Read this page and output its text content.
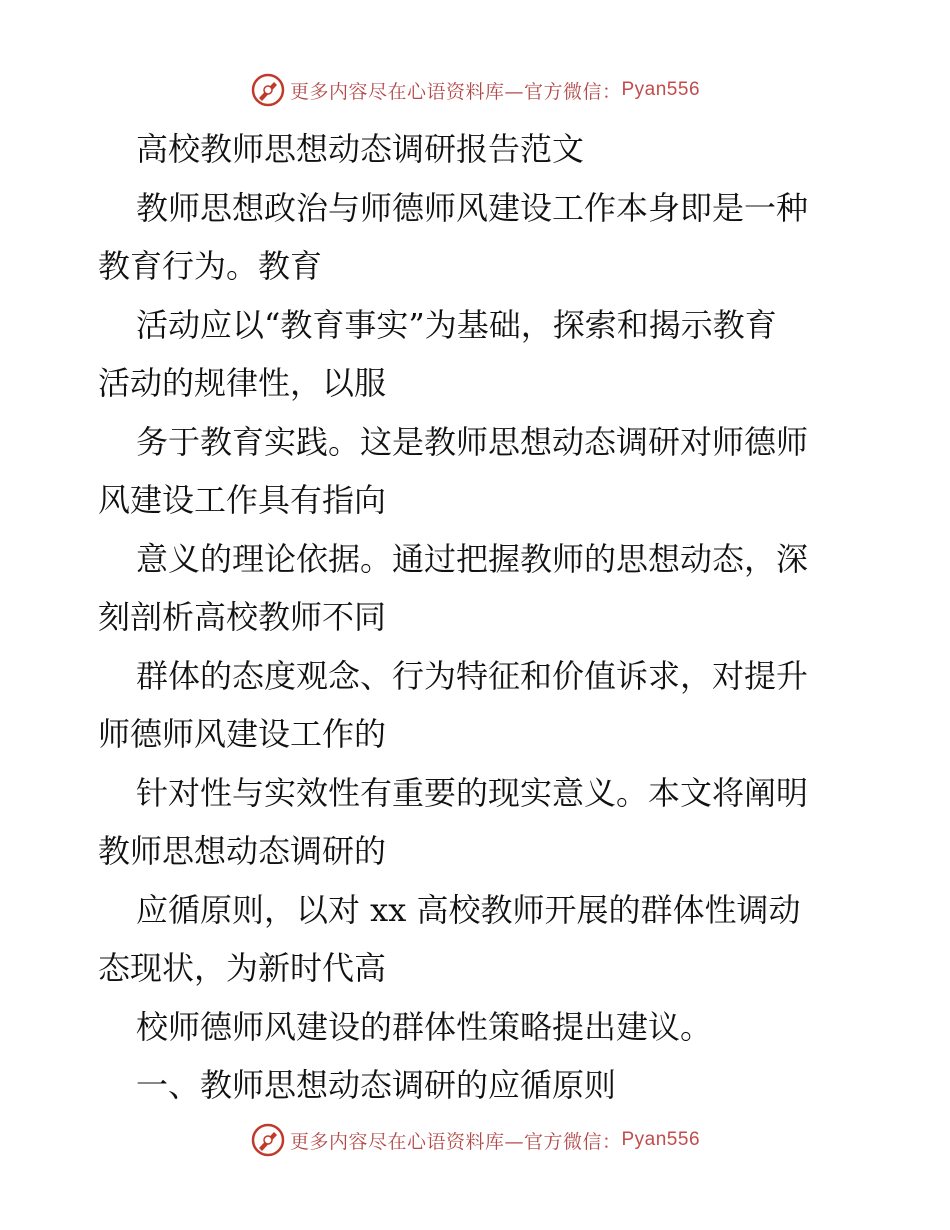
更多内容尽在心语资料库—官方微信： Pyan556
高校教师思想动态调研报告范文
教师思想政治与师德师风建设工作本身即是一种
教育行为。教育
活动应以“教育事实”为基础，探索和揭示教育
活动的规律性，以服
务于教育实践。这是教师思想动态调研对师德师
风建设工作具有指向
意义的理论依据。通过把握教师的思想动态，深
刻剖析高校教师不同
群体的态度观念、行为特征和价值诉求，对提升
师德师风建设工作的
针对性与实效性有重要的现实意义。本文将阐明
教师思想动态调研的
应循原则，以对 xx 高校教师开展的群体性调动
态现状，为新时代高
校师德师风建设的群体性策略提出建议。
一、教师思想动态调研的应循原则
更多内容尽在心语资料库—官方微信： Pyan556
